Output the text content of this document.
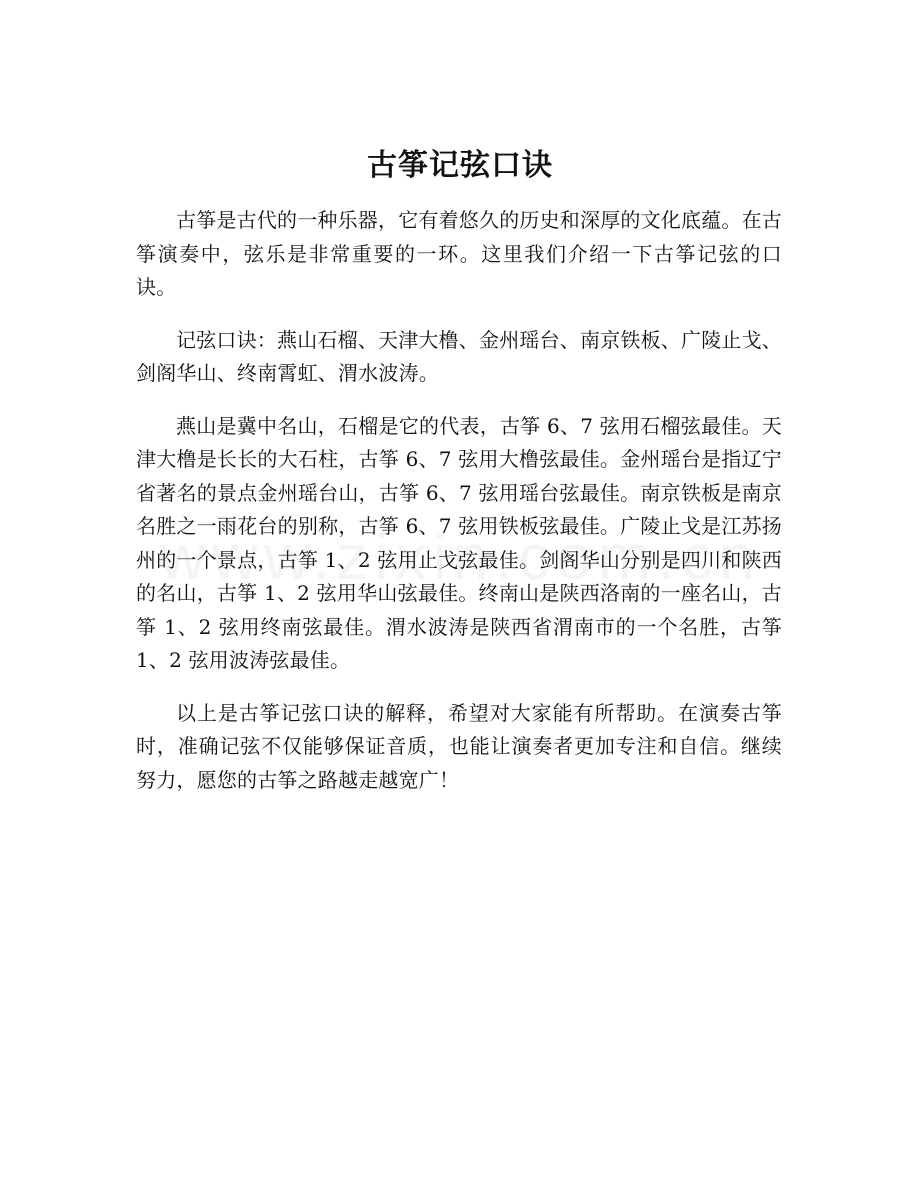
古筝记弦口诀

古筝是古代的一种乐器，它有着悠久的历史和深厚的文化底蕴。在古筝演奏中，弦乐是非常重要的一环。这里我们介绍一下古筝记弦的口诀。

记弦口诀：燕山石榴、天津大橹、金州瑶台、南京铁板、广陵止戈、剑阁华山、终南霄虹、渭水波涛。

燕山是冀中名山，石榴是它的代表，古筝 6、7 弦用石榴弦最佳。天津大橹是长长的大石柱，古筝 6、7 弦用大橹弦最佳。金州瑶台是指辽宁省著名的景点金州瑶台山，古筝 6、7 弦用瑶台弦最佳。南京铁板是南京名胜之一雨花台的别称，古筝 6、7 弦用铁板弦最佳。广陵止戈是江苏扬州的一个景点，古筝 1、2 弦用止戈弦最佳。剑阁华山分别是四川和陕西的名山，古筝 1、2 弦用华山弦最佳。终南山是陕西洛南的一座名山，古筝 1、2 弦用终南弦最佳。渭水波涛是陕西省渭南市的一个名胜，古筝 1、2 弦用波涛弦最佳。

以上是古筝记弦口诀的解释，希望对大家能有所帮助。在演奏古筝时，准确记弦不仅能够保证音质，也能让演奏者更加专注和自信。继续努力，愿您的古筝之路越走越宽广！
